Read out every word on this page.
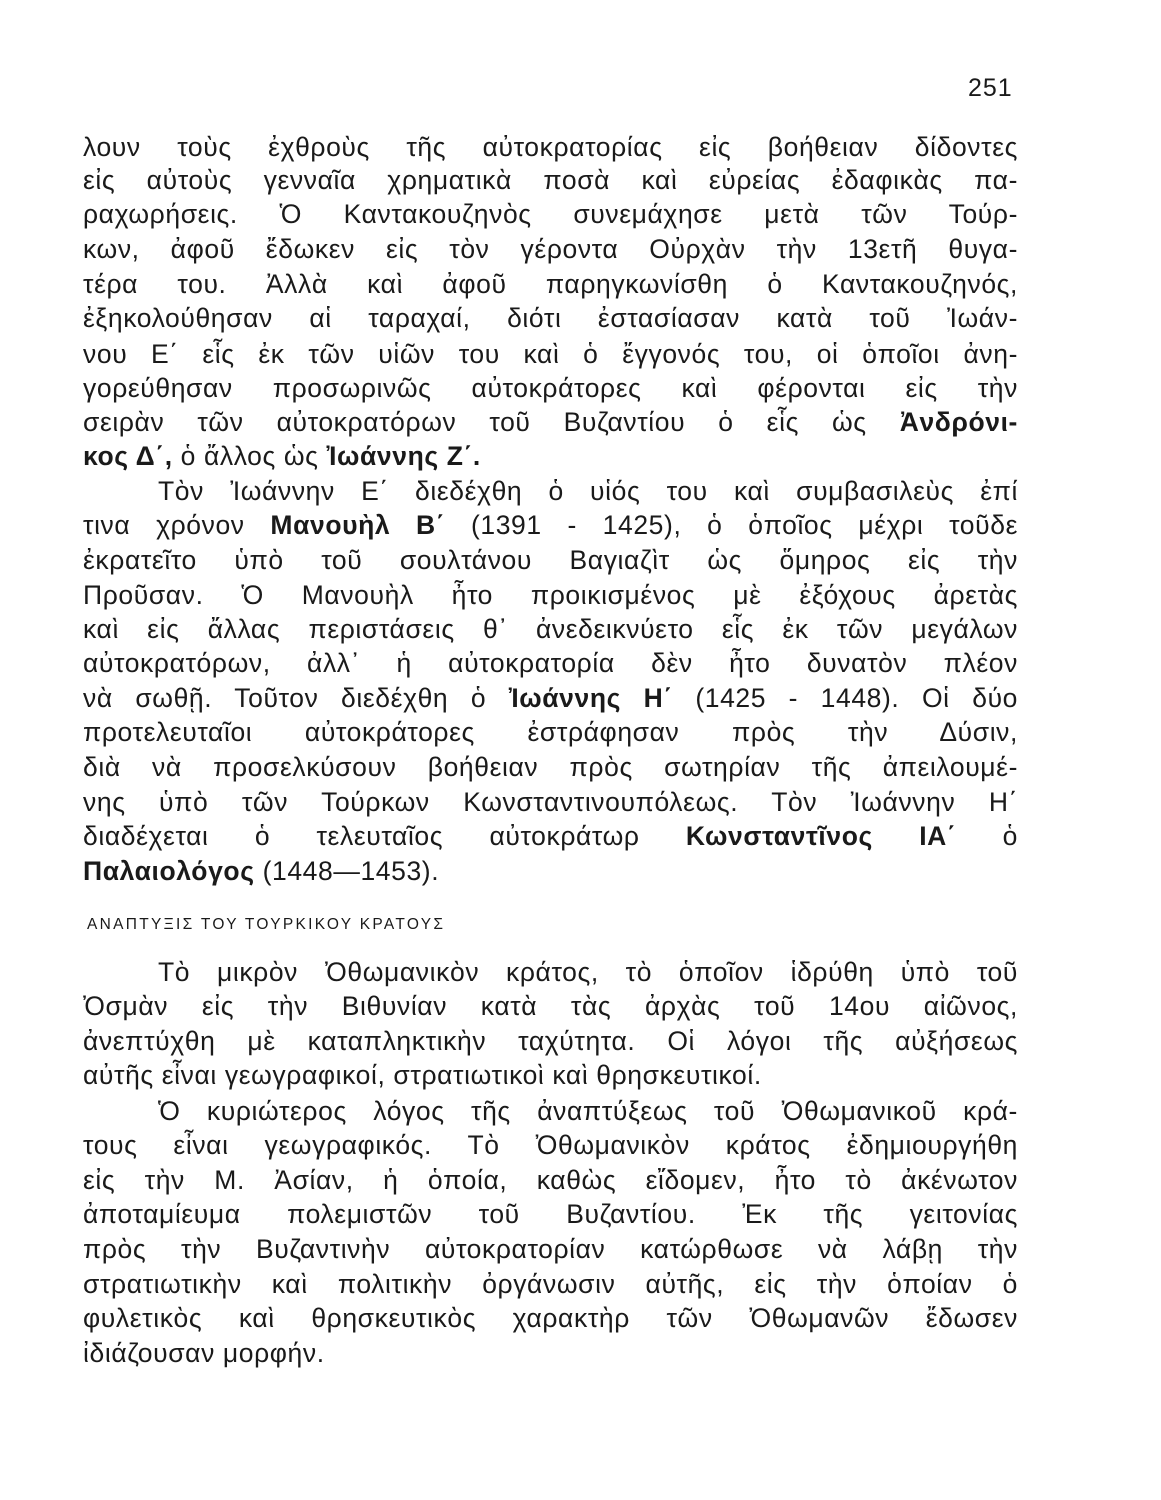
251
λουν τοὺς ἐχθροὺς τῆς αὐτοκρατορίας εἰς βοήθειαν δίδοντες
εἰς αὐτοὺς γενναῖα χρηματικὰ ποσὰ καὶ εὐρείας ἐδαφικὰς πα-
ραχωρήσεις. Ὁ Καντακουζηνὸς συνεμάχησε μετὰ τῶν Τούρ-
κων, ἀφοῦ ἔδωκεν εἰς τὸν γέροντα Οὐρχὰν τὴν 13ετῆ θυγα-
τέρα του. Ἀλλὰ καὶ ἀφοῦ παρηγκωνίσθη ὁ Καντακουζηνός,
ἐξηκολούθησαν αἱ ταραχαί, διότι ἐστασίασαν κατὰ τοῦ Ἰωάν-
νου Ε΄ εἷς ἐκ τῶν υἱῶν του καὶ ὁ ἔγγονός του, οἱ ὁποῖοι ἀνη-
γορεύθησαν προσωρινῶς αὐτοκράτορες καὶ φέρονται εἰς τὴν
σειρὰν τῶν αὐτοκρατόρων τοῦ Βυζαντίου ὁ εἷς ὡς Ἀνδρόνι-
κος Δ΄, ὁ ἄλλος ὡς Ἰωάννης Ζ΄.
Τὸν Ἰωάννην Ε΄ διεδέχθη ὁ υἱός του καὶ συμβασιλεὺς ἐπί
τινα χρόνον Μανουὴλ Β΄ (1391 - 1425), ὁ ὁποῖος μέχρι τοῦδε
ἐκρατεῖτο ὑπὸ τοῦ σουλτάνου Βαγιαζὶτ ὡς ὅμηρος εἰς τὴν
Προῦσαν. Ὁ Μανουὴλ ἦτο προικισμένος μὲ ἐξόχους ἀρετὰς
καὶ εἰς ἄλλας περιστάσεις θ᾽ ἀνεδεικνύετο εἷς ἐκ τῶν μεγάλων
αὐτοκρατόρων, ἀλλ᾽ ἡ αὐτοκρατορία δὲν ἦτο δυνατὸν πλέον
νὰ σωθῇ. Τοῦτον διεδέχθη ὁ Ἰωάννης Η΄ (1425 - 1448). Οἱ δύο
προτελευταῖοι αὐτοκράτορες ἐστράφησαν πρὸς τὴν Δύσιν,
διὰ νὰ προσελκύσουν βοήθειαν πρὸς σωτηρίαν τῆς ἀπειλουμέ-
νης ὑπὸ τῶν Τούρκων Κωνσταντινουπόλεως. Τὸν Ἰωάννην Η΄
διαδέχεται ὁ τελευταῖος αὐτοκράτωρ Κωνσταντῖνος ΙΑ΄ ὁ
Παλαιολόγος (1448—1453).
ΑΝΑΠΤΥΞΙΣ ΤΟΥ ΤΟΥΡΚΙΚΟΥ ΚΡΑΤΟΥΣ
Τὸ μικρὸν Ὀθωμανικὸν κράτος, τὸ ὁποῖον ἱδρύθη ὑπὸ τοῦ
Ὀσμὰν εἰς τὴν Βιθυνίαν κατὰ τὰς ἀρχὰς τοῦ 14ου αἰῶνος,
ἀνεπτύχθη μὲ καταπληκτικὴν ταχύτητα. Οἱ λόγοι τῆς αὐξήσεως
αὐτῆς εἶναι γεωγραφικοί, στρατιωτικοὶ καὶ θρησκευτικοί.
Ὁ κυριώτερος λόγος τῆς ἀναπτύξεως τοῦ Ὀθωμανικοῦ κρά-
τους εἶναι γεωγραφικός. Τὸ Ὀθωμανικὸν κράτος ἐδημιουργήθη
εἰς τὴν Μ. Ἀσίαν, ἡ ὁποία, καθὼς εἴδομεν, ἦτο τὸ ἀκένωτον
ἀποταμίευμα πολεμιστῶν τοῦ Βυζαντίου. Ἐκ τῆς γειτονίας
πρὸς τὴν Βυζαντινὴν αὐτοκρατορίαν κατώρθωσε νὰ λάβῃ τὴν
στρατιωτικὴν καὶ πολιτικὴν ὀργάνωσιν αὐτῆς, εἰς τὴν ὁποίαν ὁ
φυλετικὸς καὶ θρησκευτικὸς χαρακτὴρ τῶν Ὀθωμανῶν ἔδωσεν
ἰδιάζουσαν μορφήν.
